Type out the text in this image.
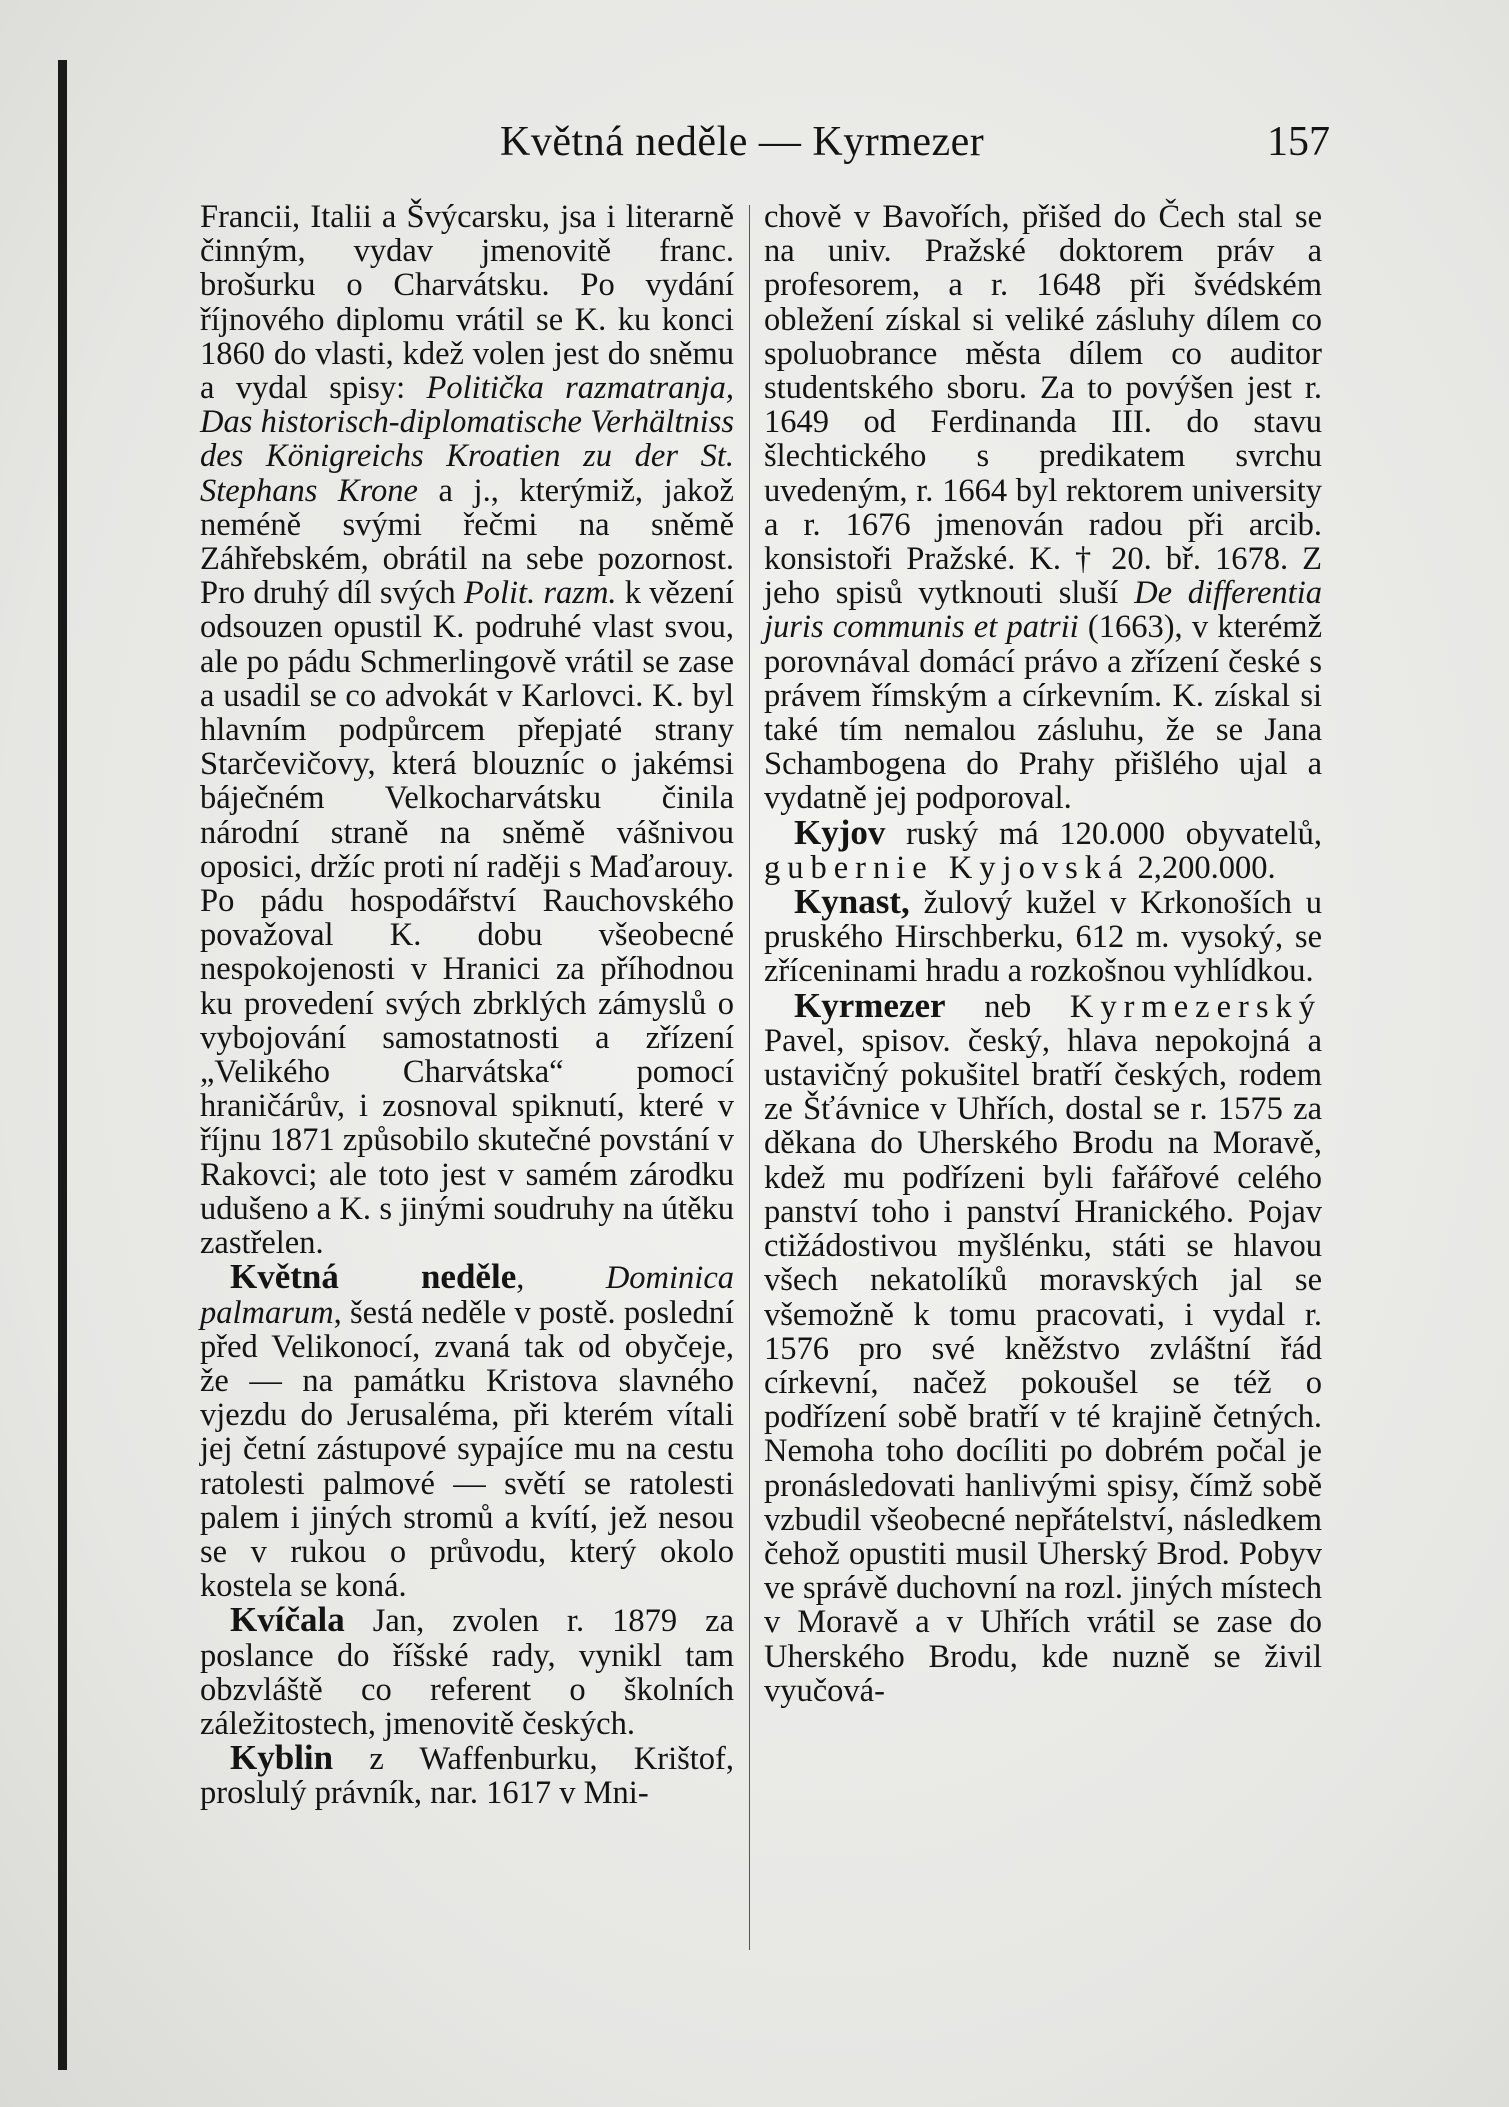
Květná neděle — Kyrmezer	157

Francii, Italii a Švýcarsku, jsa i literarně činným, vydav jmenovitě franc. brošurku o Charvátsku. Po vydání říjnového diplomu vrátil se K. ku konci 1860 do vlasti, kdež volen jest do sněmu a vydal spisy: Politička razmatranja, Das historisch-diplomatische Verhältniss des Königreichs Kroatien zu der St. Stephans Krone a j., kterýmiž, jakož neméně svými řečmi na sněmě Záhřebském, obrátil na sebe pozornost. Pro druhý díl svých Polit. razm. k vězení odsouzen opustil K. podruhé vlast svou, ale po pádu Schmerlingově vrátil se zase a usadil se co advokát v Karlovci. K. byl hlavním podpůrcem přepjaté strany Starčevičovy, která blouzníc o jakémsi báječném Velkocharvátsku činila národní straně na sněmě vášnivou oposici, držíc proti ní raději s Maďarouy. Po pádu hospodářství Rauchovského považoval K. dobu všeobecné nespokojenosti v Hranici za příhodnou ku provedení svých zbrklých zámyslů o vybojování samostatnosti a zřízení „Velikého Charvátska“ pomocí hraničárův, i zosnoval spiknutí, které v říjnu 1871 způsobilo skutečné povstání v Rakovci; ale toto jest v samém zárodku udušeno a K. s jinými soudruhy na útěku zastřelen.

Květná neděle, Dominica palmarum, šestá neděle v postě. poslední před Velikonocí, zvaná tak od obyčeje, že — na památku Kristova slavného vjezdu do Jerusaléma, při kterém vítali jej četní zástupové sypajíce mu na cestu ratolesti palmové — světí se ratolesti palem i jiných stromů a kvítí, jež nesou se v rukou o průvodu, který okolo kostela se koná.

Kvíčala Jan, zvolen r. 1879 za poslance do říšské rady, vynikl tam obzvláště co referent o školních záležitostech, jmenovitě českých.

Kyblin z Waffenburku, Krištof, proslulý právník, nar. 1617 v Mni-

chově v Bavořích, přišed do Čech stal se na univ. Pražské doktorem práv a profesorem, a r. 1648 při švédském obležení získal si veliké zásluhy dílem co spoluobrance města dílem co auditor studentského sboru. Za to povýšen jest r. 1649 od Ferdinanda III. do stavu šlechtického s predikatem svrchu uvedeným, r. 1664 byl rektorem university a r. 1676 jmenován radou při arcib. konsistoři Pražské. K. † 20. bř. 1678. Z jeho spisů vytknouti sluší De differentia juris communis et patrii (1663), v kterémž porovnával domácí právo a zřízení české s právem římským a církevním. K. získal si také tím nemalou zásluhu, že se Jana Schambogena do Prahy přišlého ujal a vydatně jej podporoval.

Kyjov ruský má 120.000 obyvatelů, gubernie Kyjovská 2,200.000.

Kynast, žulový kužel v Krkonoších u pruského Hirschberku, 612 m. vysoký, se zříceninami hradu a rozkošnou vyhlídkou.

Kyrmezer neb Kyrmezerský Pavel, spisov. český, hlava nepokojná a ustavičný pokušitel bratří českých, rodem ze Šťávnice v Uhřích, dostal se r. 1575 za děkana do Uherského Brodu na Moravě, kdež mu podřízeni byli fařářové celého panství toho i panství Hranického. Pojav ctižádostivou myšlénku, státi se hlavou všech nekatolíků moravských jal se všemožně k tomu pracovati, i vydal r. 1576 pro své kněžstvo zvláštní řád církevní, načež pokoušel se též o podřízení sobě bratří v té krajině četných. Nemoha toho docíliti po dobrém počal je pronásledovati hanlivými spisy, čímž sobě vzbudil všeobecné nepřátelství, následkem čehož opustiti musil Uherský Brod. Pobyv ve správě duchovní na rozl. jiných místech v Moravě a v Uhřích vrátil se zase do Uherského Brodu, kde nuzně se živil vyučová-
